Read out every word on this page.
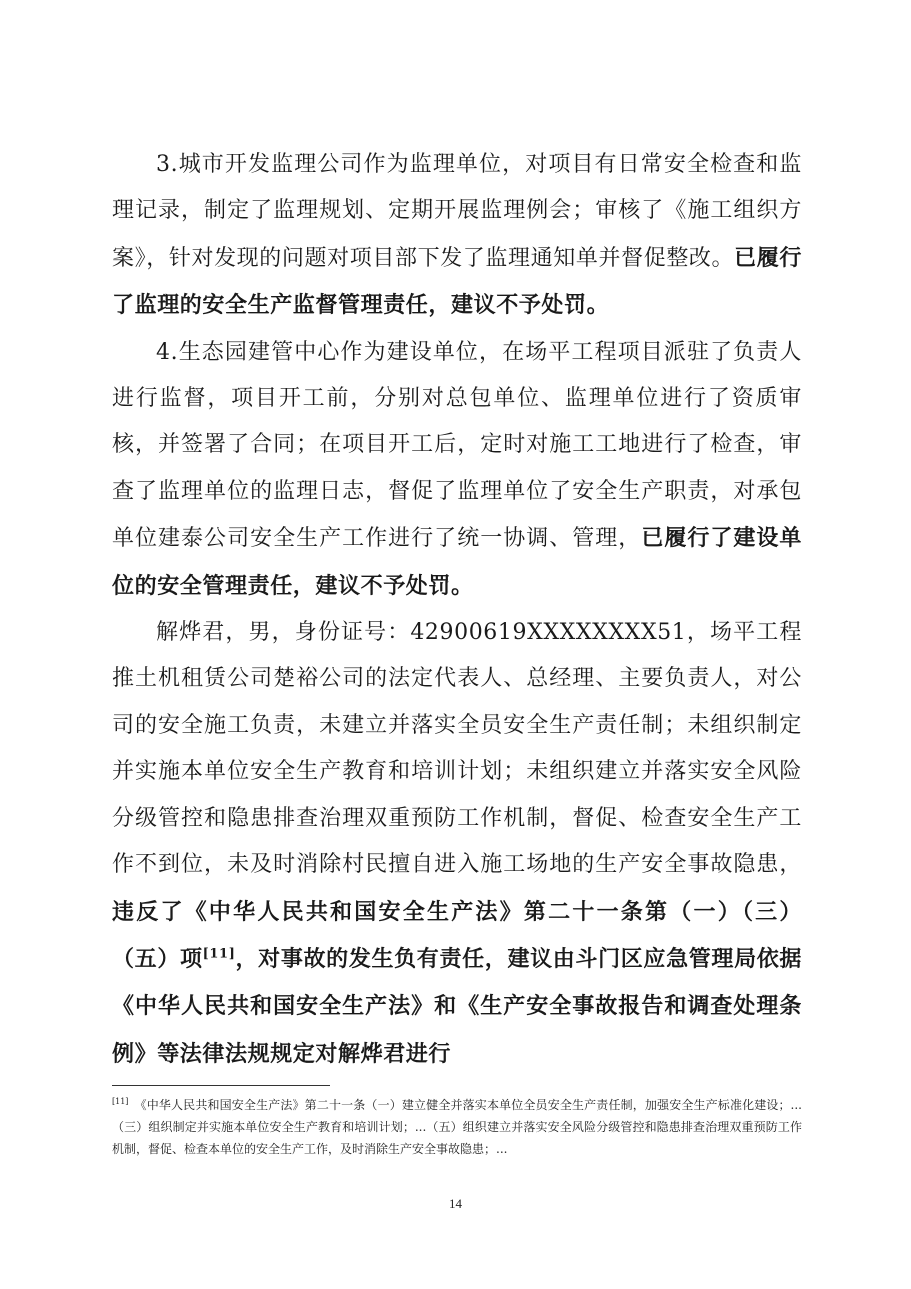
3.城市开发监理公司作为监理单位，对项目有日常安全检查和监理记录，制定了监理规划、定期开展监理例会；审核了《施工组织方案》，针对发现的问题对项目部下发了监理通知单并督促整改。已履行了监理的安全生产监督管理责任，建议不予处罚。

4.生态园建管中心作为建设单位，在场平工程项目派驻了负责人进行监督，项目开工前，分别对总包单位、监理单位进行了资质审核，并签署了合同；在项目开工后，定时对施工工地进行了检查，审查了监理单位的监理日志，督促了监理单位了安全生产职责，对承包单位建泰公司安全生产工作进行了统一协调、管理，已履行了建设单位的安全管理责任，建议不予处罚。

解烨君，男，身份证号：42900619XXXXXXXX51，场平工程推土机租赁公司楚裕公司的法定代表人、总经理、主要负责人，对公司的安全施工负责，未建立并落实全员安全生产责任制；未组织制定并实施本单位安全生产教育和培训计划；未组织建立并落实安全风险分级管控和隐患排查治理双重预防工作机制，督促、检查安全生产工作不到位，未及时消除村民擅自进入施工场地的生产安全事故隐患，违反了《中华人民共和国安全生产法》第二十一条第（一）（三）（五）项[11]，对事故的发生负有责任，建议由斗门区应急管理局依据《中华人民共和国安全生产法》和《生产安全事故报告和调查处理条例》等法律法规规定对解烨君进行

[11] 《中华人民共和国安全生产法》第二十一条（一）建立健全并落实本单位全员安全生产责任制，加强安全生产标准化建设；...（三）组织制定并实施本单位安全生产教育和培训计划；...（五）组织建立并落实安全风险分级管控和隐患排查治理双重预防工作机制，督促、检查本单位的安全生产工作，及时消除生产安全事故隐患；...
14
